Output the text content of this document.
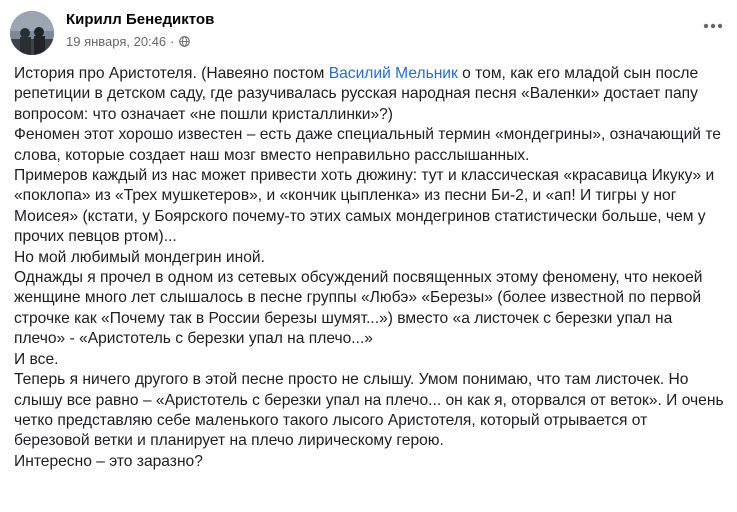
Кирилл Бенедиктов
19 января, 20:46 ·

История про Аристотеля. (Навеяно постом Василий Мельник о том, как его младой сын после репетиции в детском саду, где разучивалась русская народная песня «Валенки» достает папу вопросом: что означает «не пошли кристаллинки»?)

Феномен этот хорошо известен – есть даже специальный термин «мондегрины», означающий те слова, которые создает наш мозг вместо неправильно расслышанных.

Примеров каждый из нас может привести хоть дюжину: тут и классическая «красавица Икуку» и «поклопа» из «Трех мушкетеров», и «кончик цыпленка» из песни Би-2, и «ап! И тигры у ног Моисея» (кстати, у Боярского почему-то этих самых мондегринов статистически больше, чем у прочих певцов ртом)...

Но мой любимый мондегрин иной.

Однажды я прочел в одном из сетевых обсуждений посвященных этому феномену, что некоей женщине много лет слышалось в песне группы «Любэ» «Березы» (более известной по первой строчке как «Почему так в России березы шумят...») вместо «а листочек с березки упал на плечо» - «Аристотель с березки упал на плечо...»

И все.

Теперь я ничего другого в этой песне просто не слышу. Умом понимаю, что там листочек. Но слышу все равно – «Аристотель с березки упал на плечо... он как я, оторвался от веток». И очень четко представляю себе маленького такого лысого Аристотеля, который отрывается от березовой ветки и планирует на плечо лирическому герою.

Интересно – это заразно?
